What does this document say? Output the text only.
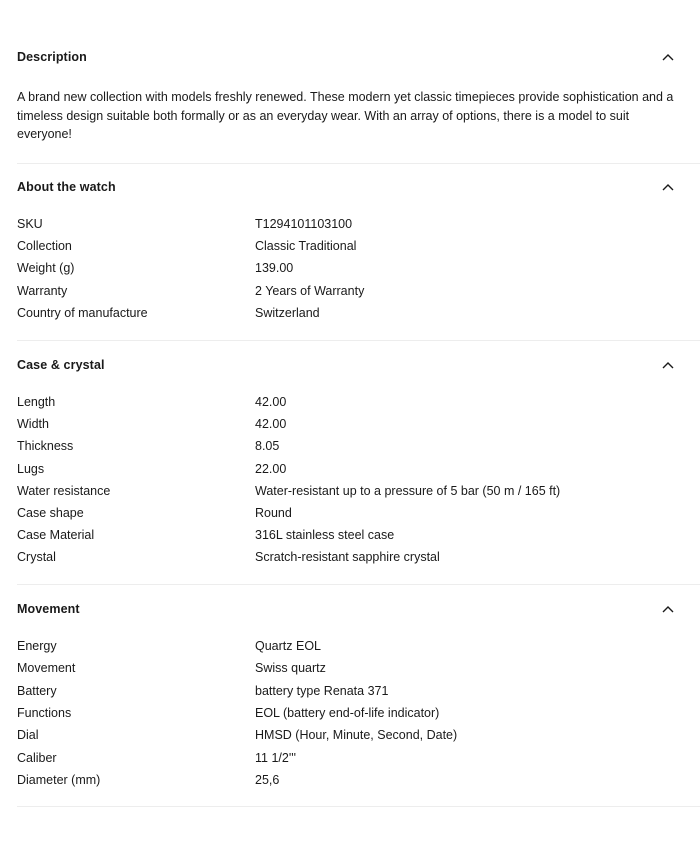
Description
A brand new collection with models freshly renewed. These modern yet classic timepieces provide sophistication and a timeless design suitable both formally or as an everyday wear. With an array of options, there is a model to suit everyone!
About the watch
SKU	T1294101103100
Collection	Classic Traditional
Weight (g)	139.00
Warranty	2 Years of Warranty
Country of manufacture	Switzerland
Case & crystal
Length	42.00
Width	42.00
Thickness	8.05
Lugs	22.00
Water resistance	Water-resistant up to a pressure of 5 bar (50 m / 165 ft)
Case shape	Round
Case Material	316L stainless steel case
Crystal	Scratch-resistant sapphire crystal
Movement
Energy	Quartz EOL
Movement	Swiss quartz
Battery	battery type Renata 371
Functions	EOL (battery end-of-life indicator)
Dial	HMSD (Hour, Minute, Second, Date)
Caliber	11 1/2'''
Diameter (mm)	25,6
